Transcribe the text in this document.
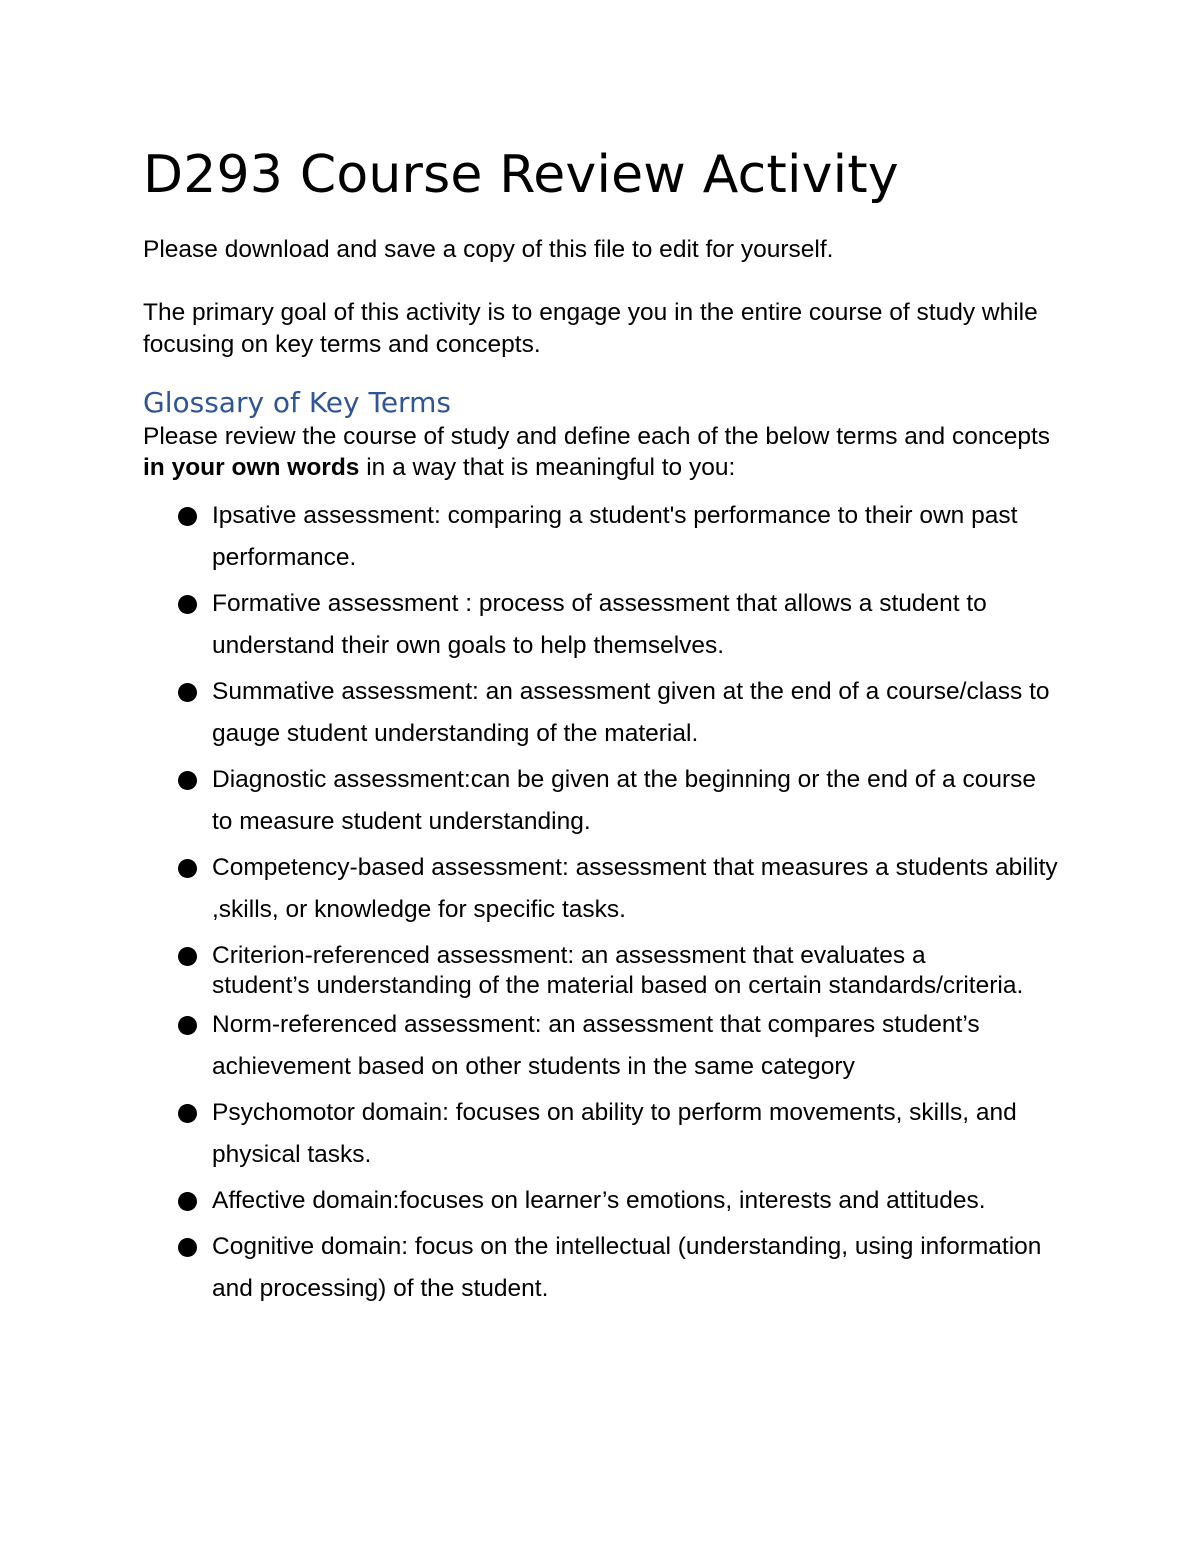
D293 Course Review Activity

Please download and save a copy of this file to edit for yourself.

The primary goal of this activity is to engage you in the entire course of study while focusing on key terms and concepts.

Glossary of Key Terms

Please review the course of study and define each of the below terms and concepts in your own words in a way that is meaningful to you:

Ipsative assessment: comparing a student's performance to their own past performance.
Formative assessment : process of assessment that allows a student to understand their own goals to help themselves.
Summative assessment: an assessment given at the end of a course/class to gauge student understanding of the material.
Diagnostic assessment:can be given at the beginning or the end of a course to measure student understanding.
Competency-based assessment: assessment that measures a students ability ,skills, or knowledge for specific tasks.
Criterion-referenced assessment: an assessment that evaluates a
student’s understanding of the material based on certain standards/criteria.
Norm-referenced assessment: an assessment that compares student’s achievement based on other students in the same category
Psychomotor domain: focuses on ability to perform movements, skills, and physical tasks.
Affective domain:focuses on learner’s emotions, interests and attitudes.
Cognitive domain: focus on the intellectual (understanding, using information and processing) of the student.
